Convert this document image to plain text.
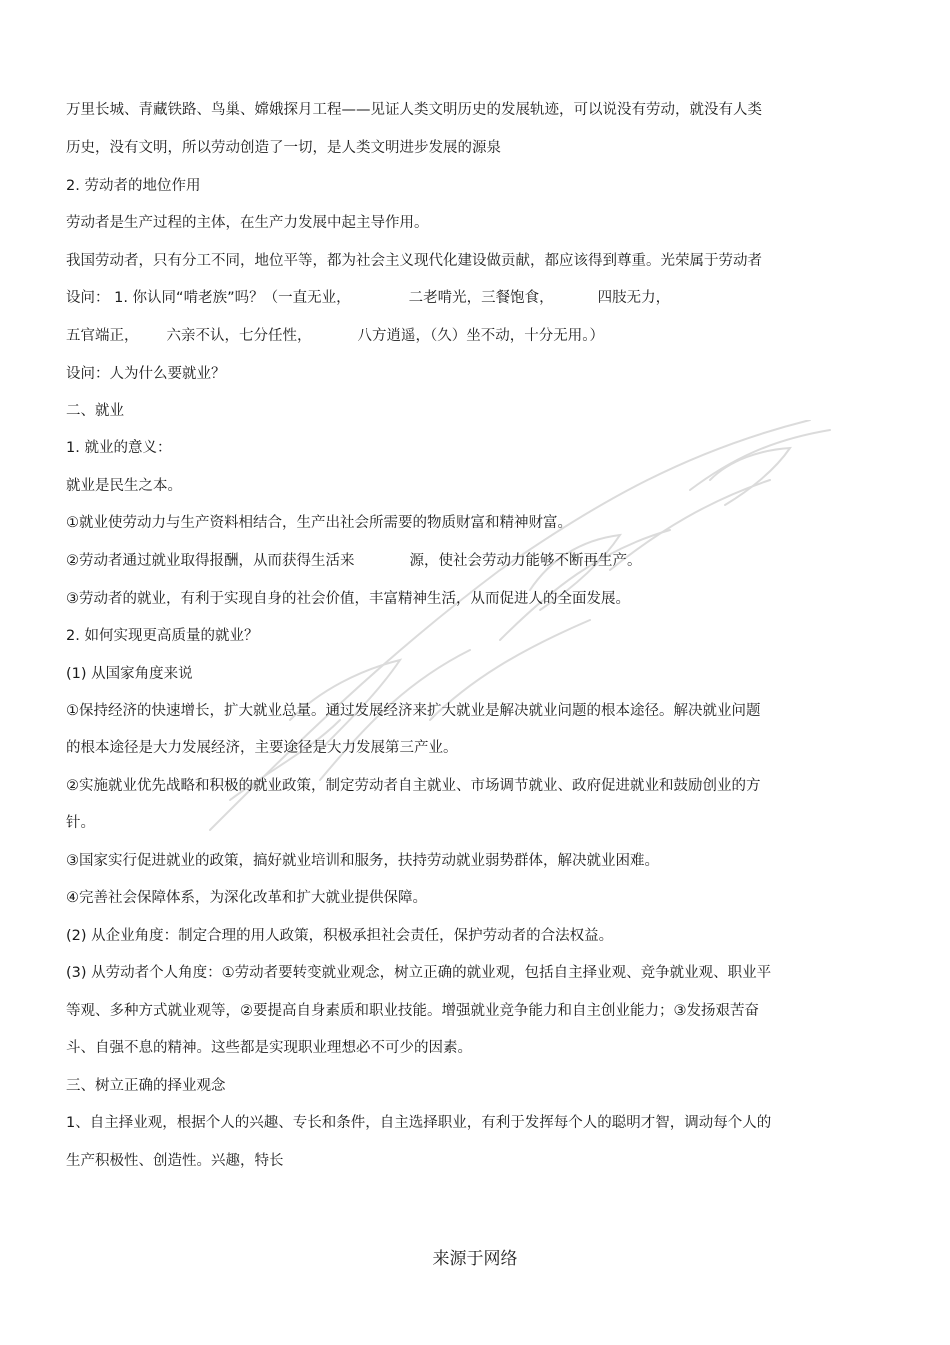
万里长城、青藏铁路、鸟巢、嫦娥探月工程——见证人类文明历史的发展轨迹，可以说没有劳动，就没有人类
历史，没有文明，所以劳动创造了一切，是人类文明进步发展的源泉
2. 劳动者的地位作用
劳动者是生产过程的主体，在生产力发展中起主导作用。
我国劳动者，只有分工不同，地位平等，都为社会主义现代化建设做贡献，都应该得到尊重。光荣属于劳动者
设问： 1. 你认同“啃老族”吗？（一直无业，	二老啃光，三餐饱食，	四肢无力，
五官端正， 六亲不认，七分任性，	八方逍遥，（久）坐不动，十分无用。）
设问：人为什么要就业？
二、就业
1. 就业的意义：
就业是民生之本。
①就业使劳动力与生产资料相结合，生产出社会所需要的物质财富和精神财富。
②劳动者通过就业取得报酬，从而获得生活来	源，使社会劳动力能够不断再生产。
③劳动者的就业，有利于实现自身的社会价值，丰富精神生活，从而促进人的全面发展。
2. 如何实现更高质量的就业？
(1) 从国家角度来说
①保持经济的快速增长，扩大就业总量。通过发展经济来扩大就业是解决就业问题的根本途径。解决就业问题
的根本途径是大力发展经济，主要途径是大力发展第三产业。
②实施就业优先战略和积极的就业政策，制定劳动者自主就业、市场调节就业、政府促进就业和鼓励创业的方
针。
③国家实行促进就业的政策，搞好就业培训和服务，扶持劳动就业弱势群体，解决就业困难。
④完善社会保障体系，为深化改革和扩大就业提供保障。
(2) 从企业角度：制定合理的用人政策，积极承担社会责任，保护劳动者的合法权益。
(3) 从劳动者个人角度：①劳动者要转变就业观念，树立正确的就业观，包括自主择业观、竞争就业观、职业平
等观、多种方式就业观等，②要提高自身素质和职业技能。增强就业竞争能力和自主创业能力；③发扬艰苦奋
斗、自强不息的精神。这些都是实现职业理想必不可少的因素。
三、树立正确的择业观念
1、自主择业观，根据个人的兴趣、专长和条件，自主选择职业，有利于发挥每个人的聪明才智，调动每个人的
生产积极性、创造性。兴趣，特长
来源于网络
